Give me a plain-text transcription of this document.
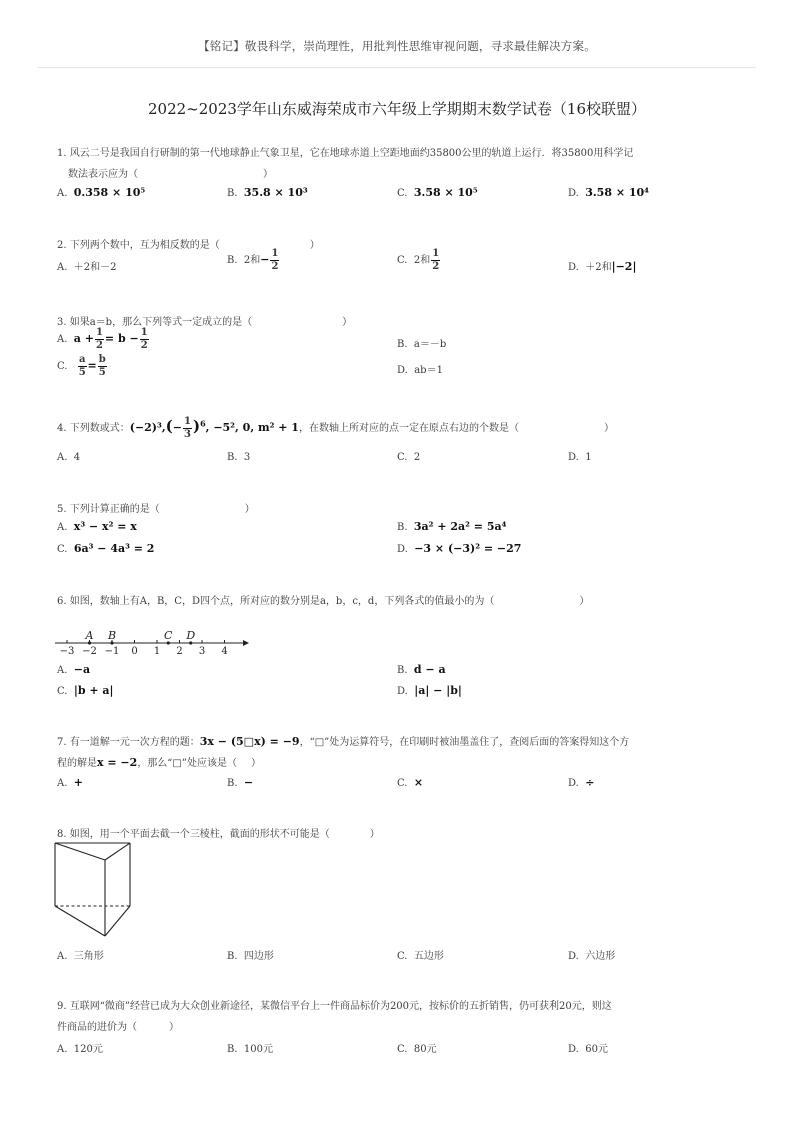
【铭记】敬畏科学，崇尚理性，用批判性思维审视问题，寻求最佳解决方案。
2022~2023学年山东威海荣成市六年级上学期期末数学试卷（16校联盟）
1. 风云二号是我国自行研制的第一代地球静止气象卫星，它在地球赤道上空距地面约35800公里的轨道上运行．将35800用科学记
数法表示应为（	）
A. 0.358 × 10⁵	B. 35.8 × 10³	C. 3.58 × 10⁵	D. 3.58 × 10⁴
2. 下列两个数中，互为相反数的是（	）
A. ＋2和－2
B. 2和− $\frac{1}{2}$	C. 2和 $\frac{1}{2}$	D. ＋2和|−2|
3. 如果a＝b，那么下列等式一定成立的是（	）
A. $a + \frac{1}{2} = b - \frac{1}{2}$	B. a＝－b
C. $\frac{a}{5} = \frac{b}{5}$	D. ab＝1
4. 下列数或式：$(-2)^3,(- \frac{1}{3} )^6$, −5², 0, m² + 1，在数轴上所对应的点一定在原点右边的个数是（	）
A. 4	B. 3	C. 2	D. 1
5. 下列计算正确的是（	）
A. x³ − x² = x	B. 3a² + 2a² = 5a⁴
C. 6a³ − 4a³ = 2	D. −3 × (−3)² = −27
6. 如图，数轴上有A，B，C，D四个点，所对应的数分别是a，b，c，d，下列各式的值最小的为（	）
−3 −2 −1 0 1 2 3 4
A B	C D
A. −a	B. d − a
C. |b + a|	D. |a| − |b|
7. 有一道解一元一次方程的题：3x − (5□x) = −9，“□”处为运算符号，在印刷时被油墨盖住了，查阅后面的答案得知这个方
程的解是x = −2，那么“□”处应该是（ ）
A. +	B. −	C. ×	D. ÷
8. 如图，用一个平面去截一个三棱柱，截面的形状不可能是（	）
A. 三角形	B. 四边形	C. 五边形	D. 六边形
9. 互联网“微商”经营已成为大众创业新途径，某微信平台上一件商品标价为200元，按标价的五折销售，仍可获利20元，则这
件商品的进价为（	）
A. 120元	B. 100元	C. 80元	D. 60元
